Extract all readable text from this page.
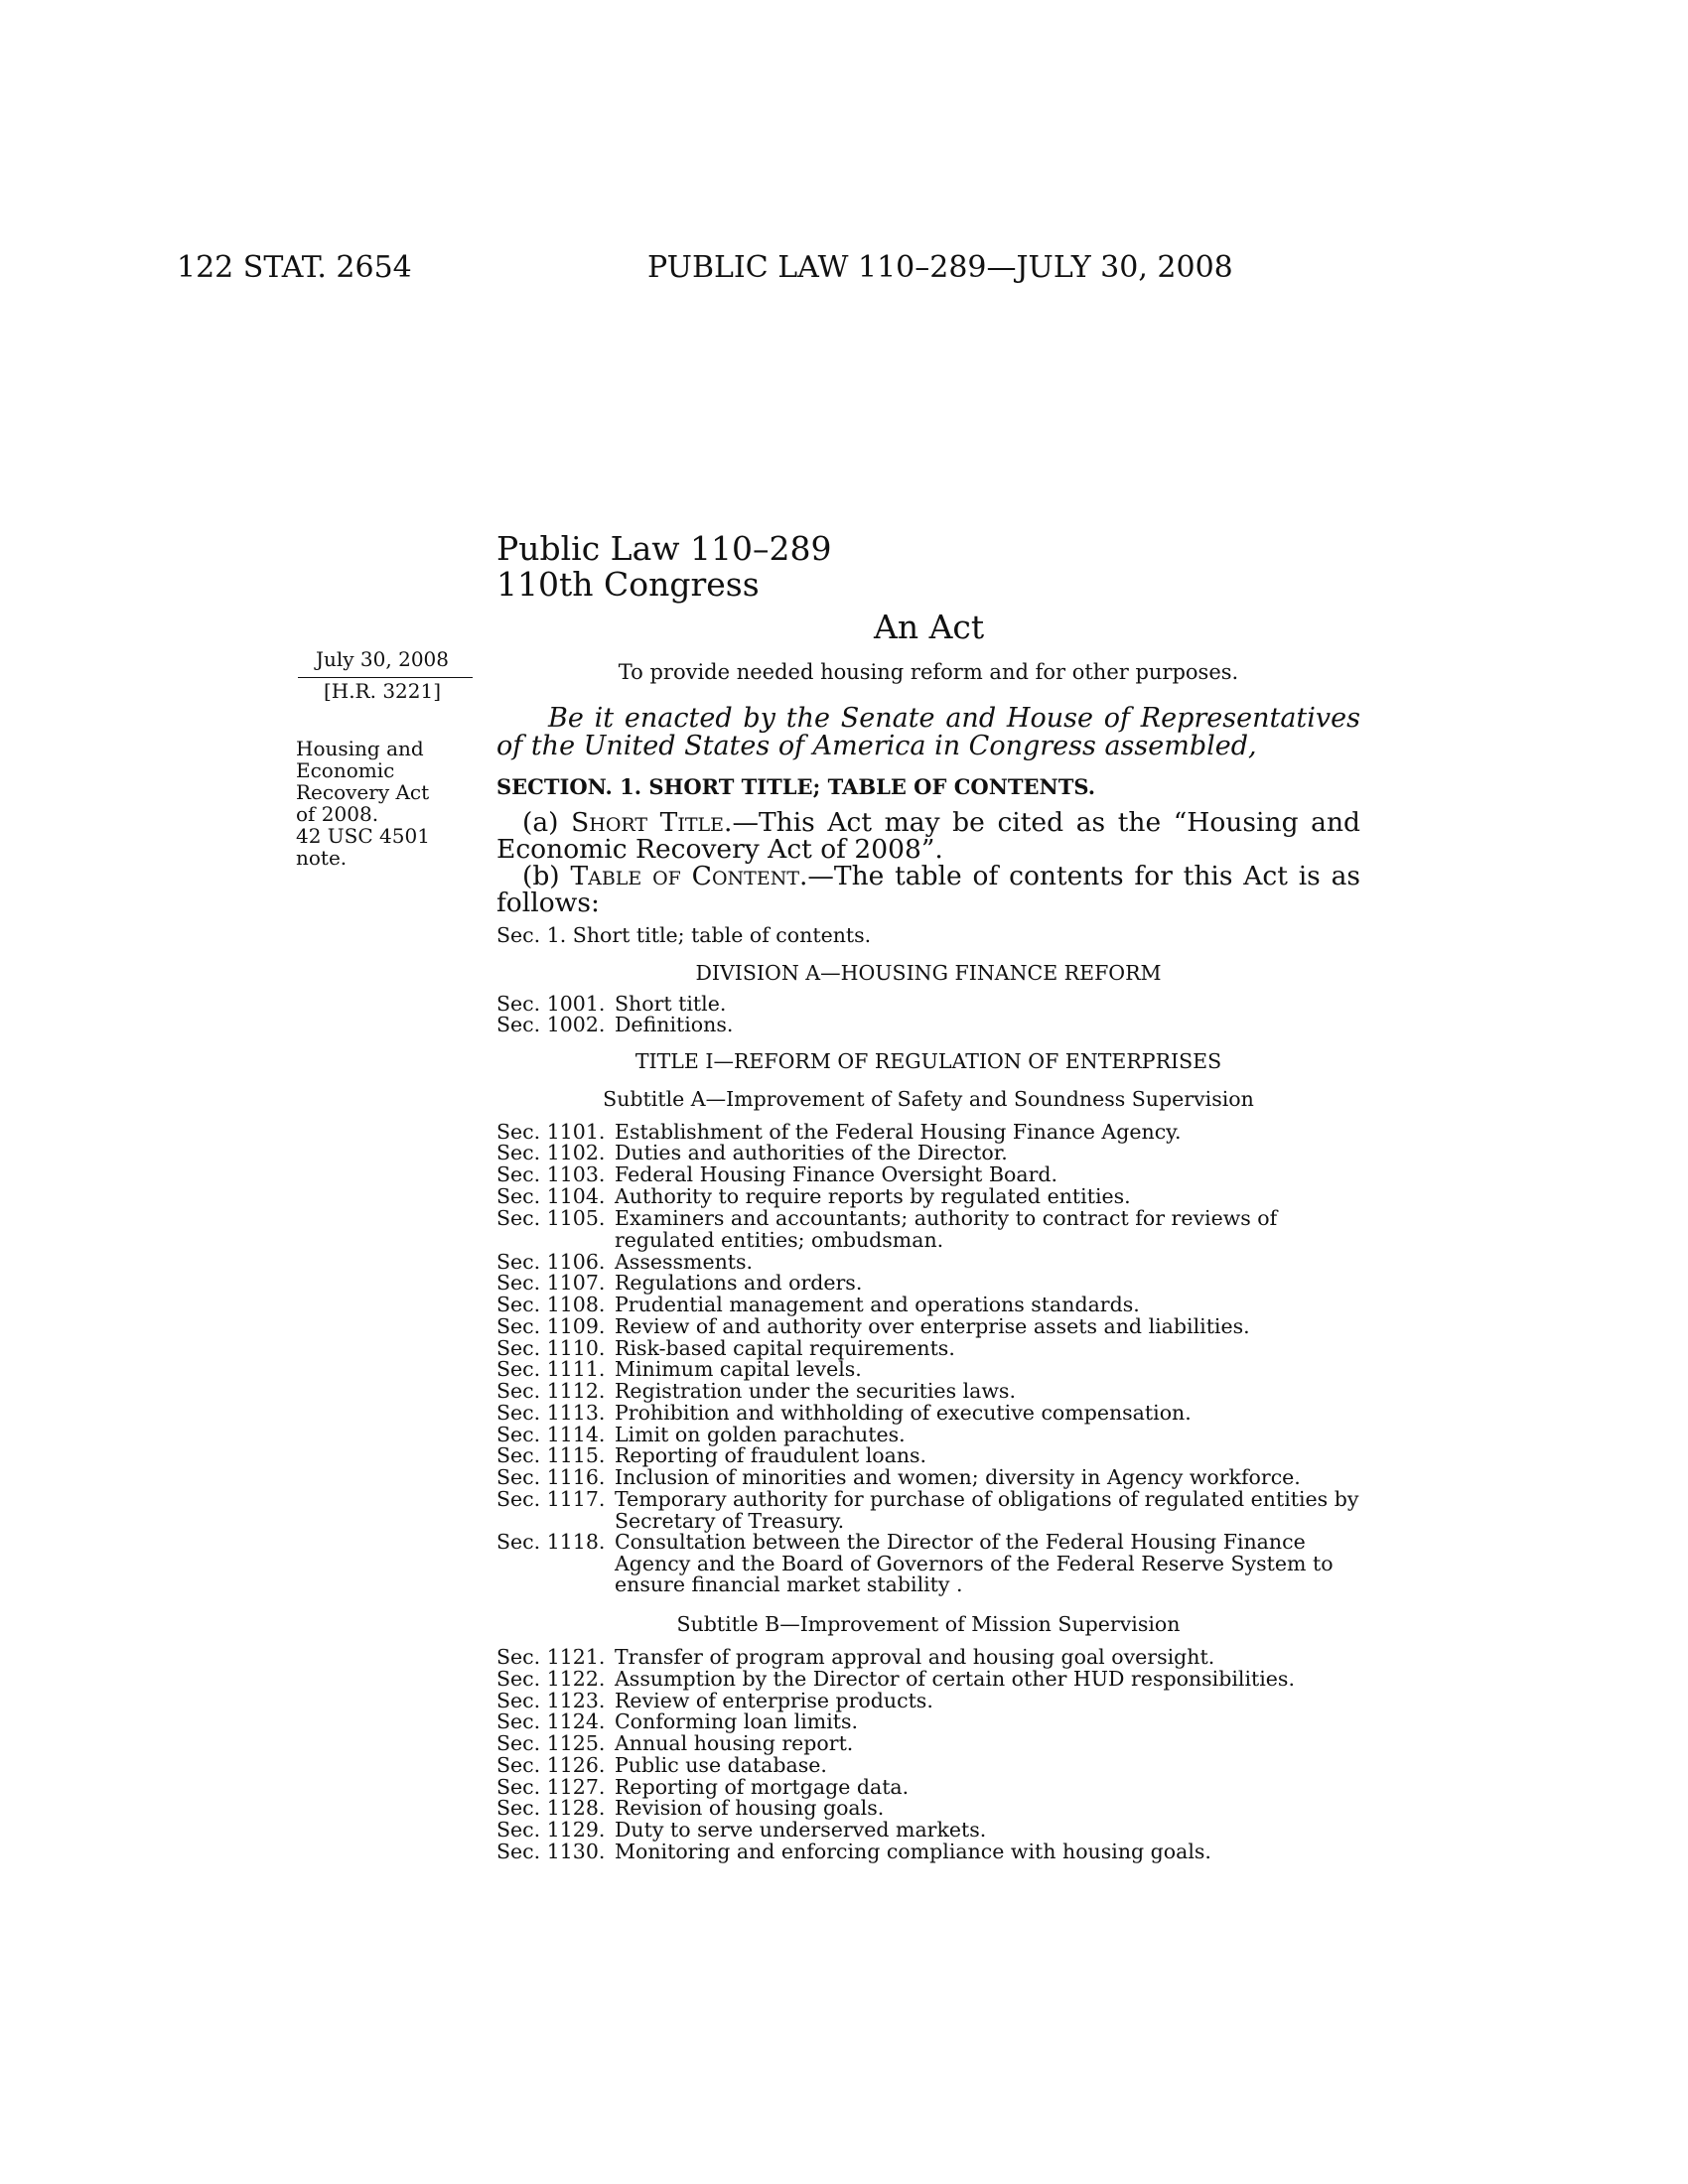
122 STAT. 2654	PUBLIC LAW 110–289—JULY 30, 2008
Public Law 110–289
110th Congress
An Act
July 30, 2008
[H.R. 3221]
Housing and
Economic
Recovery Act
of 2008.
42 USC 4501
note.
To provide needed housing reform and for other purposes.
Be it enacted by the Senate and House of Representatives of the United States of America in Congress assembled,
SECTION. 1. SHORT TITLE; TABLE OF CONTENTS.
(a) Short Title.—This Act may be cited as the “Housing and Economic Recovery Act of 2008”.
(b) Table of Content.—The table of contents for this Act is as follows:
Sec. 1.
Short title; table of contents.
DIVISION A—HOUSING FINANCE REFORM
Sec. 1001. Short title.
Sec. 1002. Definitions.
TITLE I—REFORM OF REGULATION OF ENTERPRISES
Subtitle A—Improvement of Safety and Soundness Supervision
Sec. 1101. Establishment of the Federal Housing Finance Agency.
Sec. 1102. Duties and authorities of the Director.
Sec. 1103. Federal Housing Finance Oversight Board.
Sec. 1104. Authority to require reports by regulated entities.
Sec. 1105. Examiners and accountants; authority to contract for reviews of regulated entities; ombudsman.
Sec. 1106. Assessments.
Sec. 1107. Regulations and orders.
Sec. 1108. Prudential management and operations standards.
Sec. 1109. Review of and authority over enterprise assets and liabilities.
Sec. 1110. Risk-based capital requirements.
Sec. 1111. Minimum capital levels.
Sec. 1112. Registration under the securities laws.
Sec. 1113. Prohibition and withholding of executive compensation.
Sec. 1114. Limit on golden parachutes.
Sec. 1115. Reporting of fraudulent loans.
Sec. 1116. Inclusion of minorities and women; diversity in Agency workforce.
Sec. 1117. Temporary authority for purchase of obligations of regulated entities by Secretary of Treasury.
Sec. 1118. Consultation between the Director of the Federal Housing Finance Agency and the Board of Governors of the Federal Reserve System to ensure financial market stability .
Subtitle B—Improvement of Mission Supervision
Sec. 1121. Transfer of program approval and housing goal oversight.
Sec. 1122. Assumption by the Director of certain other HUD responsibilities.
Sec. 1123. Review of enterprise products.
Sec. 1124. Conforming loan limits.
Sec. 1125. Annual housing report.
Sec. 1126. Public use database.
Sec. 1127. Reporting of mortgage data.
Sec. 1128. Revision of housing goals.
Sec. 1129. Duty to serve underserved markets.
Sec. 1130. Monitoring and enforcing compliance with housing goals.
